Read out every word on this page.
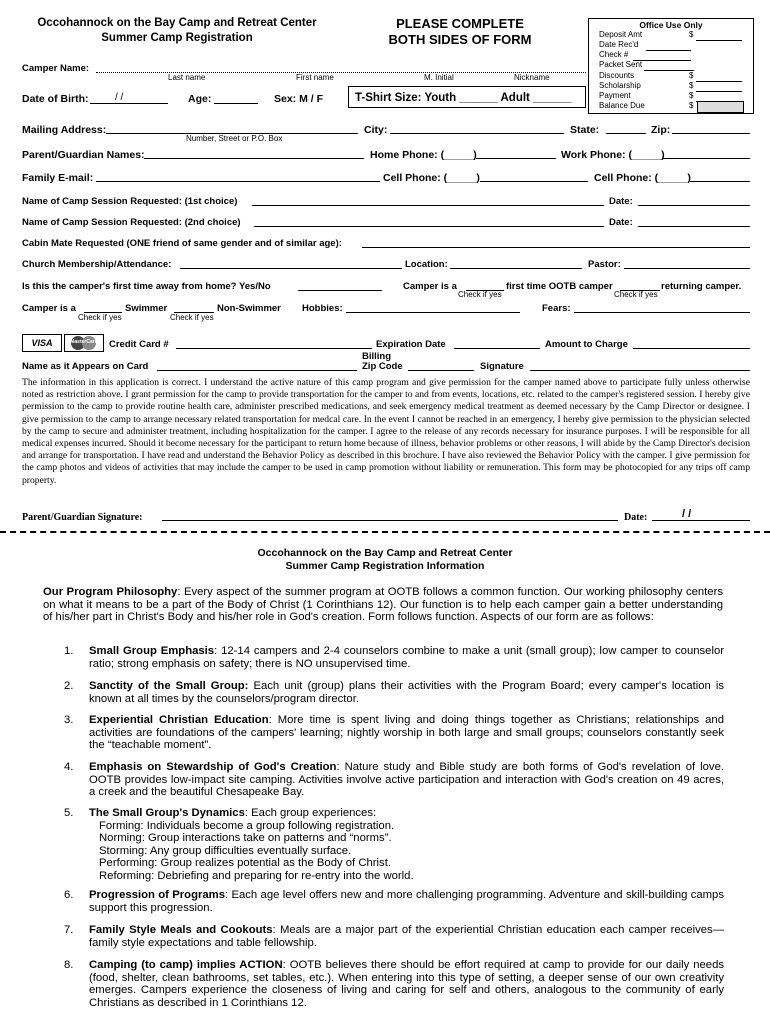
Occohannock on the Bay Camp and Retreat Center
Summer Camp Registration
PLEASE COMPLETE
BOTH SIDES OF FORM
Office Use Only
Deposit Amt	$
Date Rec'd
Check #
Packet Sent
Discounts	$
Scholarship	$
Payment	$
Balance Due	$
Camper Name:
Last name	First name	M. Initial	Nickname
Date of Birth:	/ /	Age:	Sex: M / F	T-Shirt Size: Youth ______ Adult ______
Mailing Address:
Number, Street or P.O. Box
City:	State:	Zip:
Parent/Guardian Names:	Home Phone: (_____)	Work Phone: (_____)
Family E-mail:	Cell Phone: (_____)	Cell Phone: (_____)
Name of Camp Session Requested: (1st choice)	Date:
Name of Camp Session Requested: (2nd choice)	Date:
Cabin Mate Requested (ONE friend of same gender and of similar age):
Church Membership/Attendance:	Location:	Pastor:
Is this the camper's first time away from home? Yes/No	Camper is a	first time OOTB camper	returning camper.
Check if yes	Check if yes
Camper is a	Swimmer	Non-Swimmer
Check if yes	Check if yes
Hobbies:	Fears:
VISA	MasterCard	Credit Card #	Expiration Date	Amount to Charge
Name as it Appears on Card
Billing
Zip Code	Signature
The information in this application is correct. I understand the active nature of this camp program and give permission for the camper named above to participate fully unless otherwise noted as restriction above. I grant permission for the camp to provide transportation for the camper to and from events, locations, etc. related to the camper's registered session. I hereby give permission to the camp to provide routine health care, administer prescribed medications, and seek emergency medical treatment as deemed necessary by the Camp Director or designee. I give permission to the camp to arrange necessary related transportation for medcal care. In the event I cannot be reached in an emergency, I hereby give permission to the physician selected by the camp to secure and administer treatment, including hospitalization for the camper. I agree to the release of any records necessary for insurance purposes. I will be responsible for all medical expenses incurred. Should it become necessary for the participant to return home because of illness, behavior problems or other reasons, I will abide by the Camp Director's decision and arrange for transportation. I have read and understand the Behavior Policy as described in this brochure. I have also reviewed the Behavior Policy with the camper. I give permission for the camp photos and videos of activities that may include the camper to be used in camp promotion without liability or remuneration. This form may be photocopied for any trips off camp property.
Parent/Guardian Signature:	Date:	/ /
Occohannock on the Bay Camp and Retreat Center
Summer Camp Registration Information
Our Program Philosophy: Every aspect of the summer program at OOTB follows a common function. Our working philosophy centers on what it means to be a part of the Body of Christ (1 Corinthians 12). Our function is to help each camper gain a better understanding of his/her part in Christ's Body and his/her role in God's creation. Form follows function. Aspects of our form are as follows:
1.	Small Group Emphasis: 12-14 campers and 2-4 counselors combine to make a unit (small group); low camper to counselor ratio; strong emphasis on safety; there is NO unsupervised time.
2.	Sanctity of the Small Group: Each unit (group) plans their activities with the Program Board; every camper's location is known at all times by the counselors/program director.
3.	Experiential Christian Education: More time is spent living and doing things together as Christians; relationships and activities are foundations of the campers' learning; nightly worship in both large and small groups; counselors constantly seek the “teachable moment”.
4.	Emphasis on Stewardship of God's Creation: Nature study and Bible study are both forms of God's revelation of love. OOTB provides low-impact site camping. Activities involve active participation and interaction with God's creation on 49 acres, a creek and the beautiful Chesapeake Bay.
5.	The Small Group's Dynamics: Each group experiences:
Forming: Individuals become a group following registration.
Norming: Group interactions take on patterns and “norms”.
Storming: Any group difficulties eventually surface.
Performing: Group realizes potential as the Body of Christ.
Reforming: Debriefing and preparing for re-entry into the world.
6.	Progression of Programs: Each age level offers new and more challenging programming. Adventure and skill-building camps support this progression.
7.	Family Style Meals and Cookouts: Meals are a major part of the experiential Christian education each camper receives—family style expectations and table fellowship.
8.	Camping (to camp) implies ACTION: OOTB believes there should be effort required at camp to provide for our daily needs (food, shelter, clean bathrooms, set tables, etc.). When entering into this type of setting, a deeper sense of our own creativity emerges. Campers experience the closeness of living and caring for self and others, analogous to the community of early Christians as described in 1 Corinthians 12.
